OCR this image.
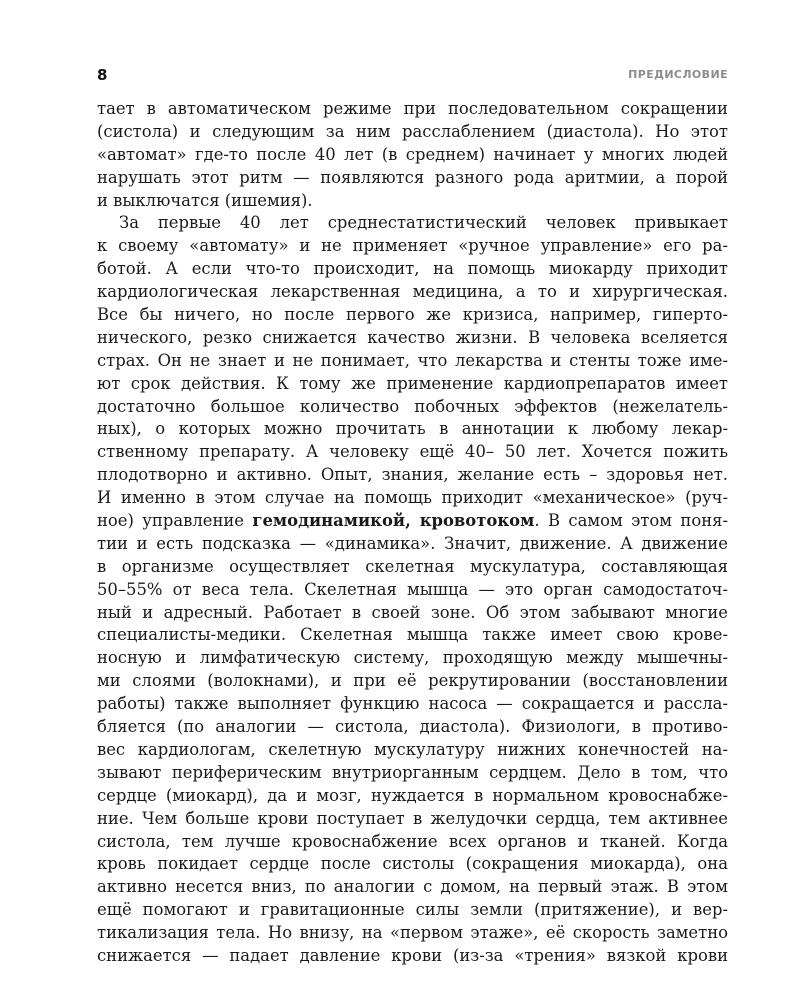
8	ПРЕДИСЛОВИЕ
тает в автоматическом режиме при последовательном сокращении
(систола) и следующим за ним расслаблением (диастола). Но этот
«автомат» где-то после 40 лет (в среднем) начинает у многих людей
нарушать этот ритм — появляются разного рода аритмии, а порой
и выключатся (ишемия).
За первые 40 лет среднестатистический человек привыкает
к своему «автомату» и не применяет «ручное управление» его ра-
ботой. А если что-то происходит, на помощь миокарду приходит
кардиологическая лекарственная медицина, а то и хирургическая.
Все бы ничего, но после первого же кризиса, например, гиперто-
нического, резко снижается качество жизни. В человека вселяется
страх. Он не знает и не понимает, что лекарства и стенты тоже име-
ют срок действия. К тому же применение кардиопрепаратов имеет
достаточно большое количество побочных эффектов (нежелатель-
ных), о которых можно прочитать в аннотации к любому лекар-
ственному препарату. А человеку ещё 40– 50 лет. Хочется пожить
плодотворно и активно. Опыт, знания, желание есть – здоровья нет.
И именно в этом случае на помощь приходит «механическое» (руч-
ное) управление гемодинамикой, кровотоком. В самом этом поня-
тии и есть подсказка — «динамика». Значит, движение. А движение
в организме осуществляет скелетная мускулатура, составляющая
50–55% от веса тела. Скелетная мышца — это орган самодостаточ-
ный и адресный. Работает в своей зоне. Об этом забывают многие
специалисты-медики. Скелетная мышца также имеет свою крове-
носную и лимфатическую систему, проходящую между мышечны-
ми слоями (волокнами), и при её рекрутировании (восстановлении
работы) также выполняет функцию насоса — сокращается и рассла-
бляется (по аналогии — систола, диастола). Физиологи, в противо-
вес кардиологам, скелетную мускулатуру нижних конечностей на-
зывают периферическим внутриорганным сердцем. Дело в том, что
сердце (миокард), да и мозг, нуждается в нормальном кровоснабже-
ние. Чем больше крови поступает в желудочки сердца, тем активнее
систола, тем лучше кровоснабжение всех органов и тканей. Когда
кровь покидает сердце после систолы (сокращения миокарда), она
активно несется вниз, по аналогии с домом, на первый этаж. В этом
ещё помогают и гравитационные силы земли (притяжение), и вер-
тикализация тела. Но внизу, на «первом этаже», её скорость заметно
снижается — падает давление крови (из-за «трения» вязкой крови
